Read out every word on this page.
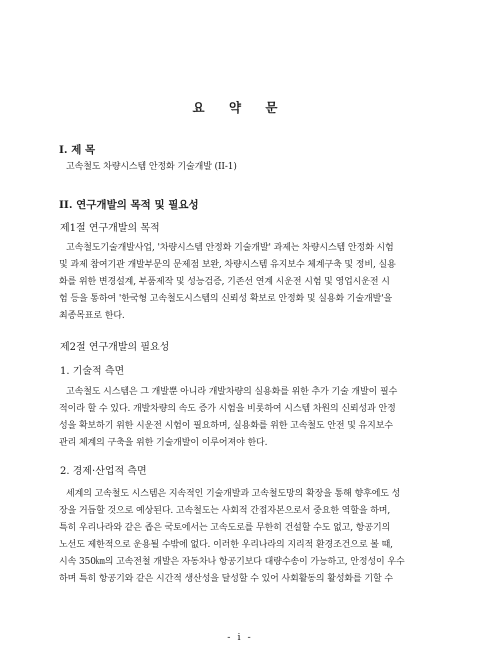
요 약 문
I. 제 목
고속철도 차량시스템 안정화 기술개발 (II-1)
II. 연구개발의 목적 및 필요성
제1절 연구개발의 목적
고속철도기술개발사업, '차량시스템 안정화 기술개발' 과제는 차량시스템 안정화 시험
및 과제 참여기관 개발부문의 문제점 보완, 차량시스템 유지보수 체계구축 및 정비, 실용
화를 위한 변경설계, 부품제작 및 성능검증, 기존선 연계 시운전 시험 및 영업시운전 시
험 등을 통하여 '한국형 고속철도시스템의 신뢰성 확보로 안정화 및 실용화 기술개발'을
최종목표로 한다.
제2절 연구개발의 필요성
1. 기술적 측면
고속철도 시스템은 그 개발뿐 아니라 개발차량의 실용화를 위한 추가 기술 개발이 필수
적이라 할 수 있다. 개발차량의 속도 증가 시험을 비롯하여 시스템 차원의 신뢰성과 안정
성을 확보하기 위한 시운전 시험이 필요하며, 실용화를 위한 고속철도 안전 및 유지보수
관리 체계의 구축을 위한 기술개발이 이루어져야 한다.
2. 경제·산업적 측면
세계의 고속철도 시스템은 지속적인 기술개발과 고속철도망의 확장을 통해 향후에도 성
장을 거듭할 것으로 예상된다. 고속철도는 사회적 간접자본으로서 중요한 역할을 하며,
특히 우리나라와 같은 좁은 국토에서는 고속도로를 무한히 건설할 수도 없고, 항공기의
노선도 제한적으로 운용될 수밖에 없다. 이러한 우리나라의 지리적 환경조건으로 볼 때,
시속 350㎞의 고속전철 개발은 자동차나 항공기보다 대량수송이 가능하고, 안정성이 우수
하며 특히 항공기와 같은 시간적 생산성을 달성할 수 있어 사회활동의 활성화를 기할 수
- i -
